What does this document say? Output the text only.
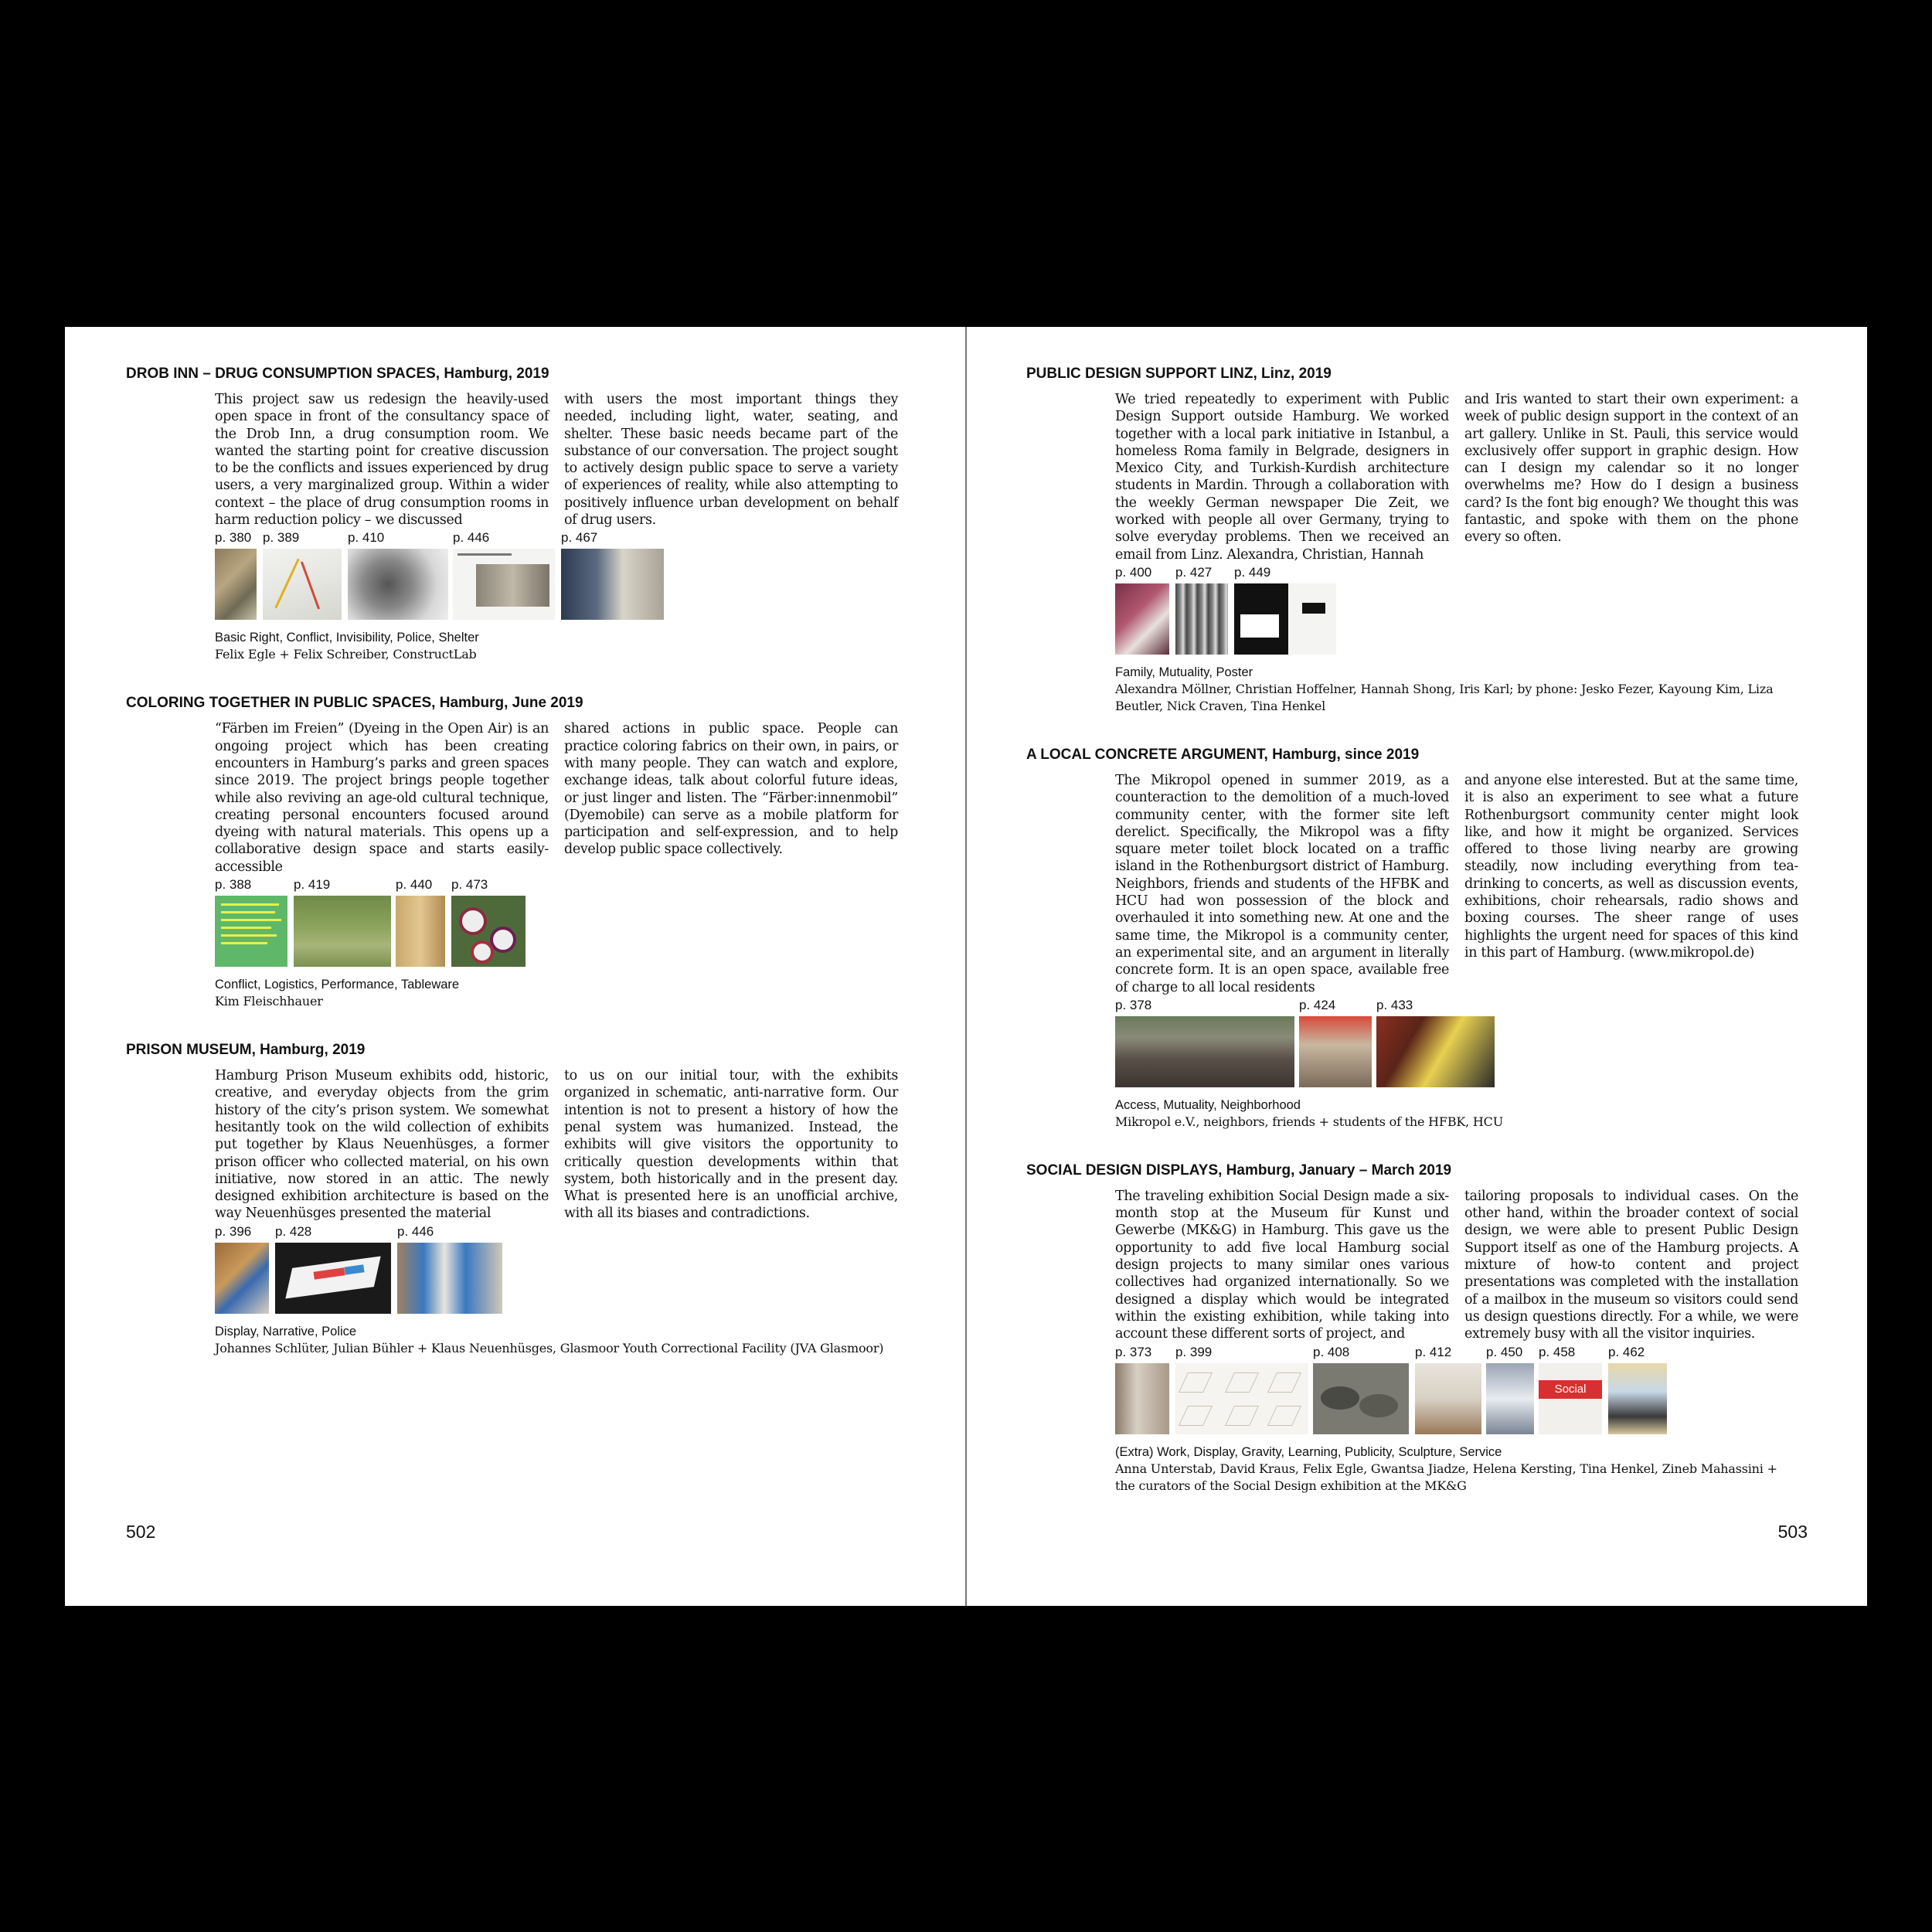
DROB INN – DRUG CONSUMPTION SPACES, Hamburg, 2019
This project saw us redesign the heavily-used open space in front of the consultancy space of the Drob Inn, a drug consumption room. We wanted the starting point for creative discussion to be the conflicts and issues experienced by drug users, a very marginalized group. Within a wider context – the place of drug consumption rooms in harm reduction policy – we discussed
with users the most important things they needed, including light, water, seating, and shelter. These basic needs became part of the substance of our conversation. The project sought to actively design public space to serve a variety of experiences of reality, while also attempting to positively influence urban development on behalf of drug users.
p. 380 p. 389	p. 410	p. 446	p. 467
Basic Right, Conflict, Invisibility, Police, Shelter
Felix Egle + Felix Schreiber, ConstructLab
COLORING TOGETHER IN PUBLIC SPACES, Hamburg, June 2019
“Färben im Freien” (Dyeing in the Open Air) is an ongoing project which has been creating encounters in Hamburg’s parks and green spaces since 2019. The project brings people together while also reviving an age-old cultural technique, creating personal encounters focused around dyeing with natural materials. This opens up a collaborative design space and starts easily-accessible
shared actions in public space. People can practice coloring fabrics on their own, in pairs, or with many people. They can watch and explore, exchange ideas, talk about colorful future ideas, or just linger and listen. The “Färber:innenmobil” (Dyemobile) can serve as a mobile platform for participation and self-expression, and to help develop public space collectively.
p. 388	p. 419	p. 440 p. 473
Conflict, Logistics, Performance, Tableware
Kim Fleischhauer
PRISON MUSEUM, Hamburg, 2019
Hamburg Prison Museum exhibits odd, historic, creative, and everyday objects from the grim history of the city’s prison system. We somewhat hesitantly took on the wild collection of exhibits put together by Klaus Neuenhüsges, a former prison officer who collected material, on his own initiative, now stored in an attic. The newly designed exhibition architecture is based on the way Neuenhüsges presented the material
to us on our initial tour, with the exhibits organized in schematic, anti-narrative form. Our intention is not to present a history of how the penal system was humanized. Instead, the exhibits will give visitors the opportunity to critically question developments within that system, both historically and in the present day. What is presented here is an unofficial archive, with all its biases and contradictions.
p. 396 p. 428	p. 446
Display, Narrative, Police
Johannes Schlüter, Julian Bühler + Klaus Neuenhüsges, Glasmoor Youth Correctional Facility (JVA Glasmoor)
502
PUBLIC DESIGN SUPPORT LINZ, Linz, 2019
We tried repeatedly to experiment with Public Design Support outside Hamburg. We worked together with a local park initiative in Istanbul, a homeless Roma family in Belgrade, designers in Mexico City, and Turkish-Kurdish architecture students in Mardin. Through a collaboration with the weekly German newspaper Die Zeit, we worked with people all over Germany, trying to solve everyday problems. Then we received an email from Linz. Alexandra, Christian, Hannah
and Iris wanted to start their own experiment: a week of public design support in the context of an art gallery. Unlike in St. Pauli, this service would exclusively offer support in graphic design. How can I design my calendar so it no longer overwhelms me? How do I design a business card? Is the font big enough? We thought this was fantastic, and spoke with them on the phone every so often.
p. 400 p. 427 p. 449
Family, Mutuality, Poster
Alexandra Möllner, Christian Hoffelner, Hannah Shong, Iris Karl; by phone: Jesko Fezer, Kayoung Kim, Liza Beutler, Nick Craven, Tina Henkel
A LOCAL CONCRETE ARGUMENT, Hamburg, since 2019
The Mikropol opened in summer 2019, as a counteraction to the demolition of a much-loved community center, with the former site left derelict. Specifically, the Mikropol was a fifty square meter toilet block located on a traffic island in the Rothenburgsort district of Hamburg. Neighbors, friends and students of the HFBK and HCU had won possession of the block and overhauled it into something new. At one and the same time, the Mikropol is a community center, an experimental site, and an argument in literally concrete form. It is an open space, available free of charge to all local residents
and anyone else interested. But at the same time, it is also an experiment to see what a future Rothenburgsort community center might look like, and how it might be organized. Services offered to those living nearby are growing steadily, now including everything from tea-drinking to concerts, as well as discussion events, exhibitions, choir rehearsals, radio shows and boxing courses. The sheer range of uses highlights the urgent need for spaces of this kind in this part of Hamburg. (www.mikropol.de)
p. 378	p. 424	p. 433
Access, Mutuality, Neighborhood
Mikropol e.V., neighbors, friends + students of the HFBK, HCU
SOCIAL DESIGN DISPLAYS, Hamburg, January – March 2019
The traveling exhibition Social Design made a six-month stop at the Museum für Kunst und Gewerbe (MK&G) in Hamburg. This gave us the opportunity to add five local Hamburg social design projects to many similar ones various collectives had organized internationally. So we designed a display which would be integrated within the existing exhibition, while taking into account these different sorts of project, and
tailoring proposals to individual cases. On the other hand, within the broader context of social design, we were able to present Public Design Support itself as one of the Hamburg projects. A mixture of how-to content and project presentations was completed with the installation of a mailbox in the museum so visitors could send us design questions directly. For a while, we were extremely busy with all the visitor inquiries.
p. 373 p. 399	p. 408	p. 412	p. 450 p. 458
Social
p. 462
(Extra) Work, Display, Gravity, Learning, Publicity, Sculpture, Service
Anna Unterstab, David Kraus, Felix Egle, Gwantsa Jiadze, Helena Kersting, Tina Henkel, Zineb Mahassini + the curators of the Social Design exhibition at the MK&G
503
